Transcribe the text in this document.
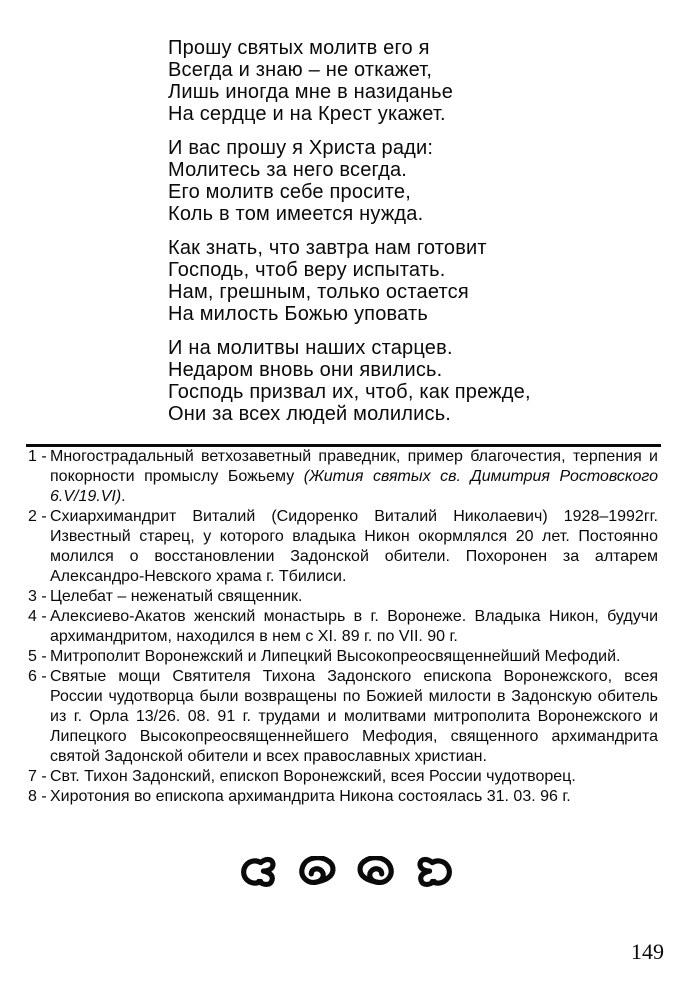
Прошу святых молитв его я
Всегда и знаю – не откажет,
Лишь иногда мне в назиданье
На сердце и на Крест укажет.
И вас прошу я Христа ради:
Молитесь за него всегда.
Его молитв себе просите,
Коль в том имеется нужда.
Как знать, что завтра нам готовит
Господь, чтоб веру испытать.
Нам, грешным, только остается
На милость Божью уповать
И на молитвы наших старцев.
Недаром вновь они явились.
Господь призвал их, чтоб, как прежде,
Они за всех людей молились.
1 - Многострадальный ветхозаветный праведник, пример благочестия, терпения и покорности промыслу Божьему (Жития святых св. Димитрия Ростовского 6.V/19.VI).
2 - Схиархимандрит Виталий (Сидоренко Виталий Николаевич) 1928–1992гг. Известный старец, у которого владыка Никон окормлялся 20 лет. Постоянно молился о восстановлении Задонской обители. Похоронен за алтарем Александро-Невского храма г. Тбилиси.
3 - Целебат – неженатый священник.
4 - Алексиево-Акатов женский монастырь в г. Воронеже. Владыка Никон, будучи архимандритом, находился в нем с XI. 89 г. по VII. 90 г.
5 - Митрополит Воронежский и Липецкий Высокопреосвященнейший Мефодий.
6 - Святые мощи Святителя Тихона Задонского епископа Воронежского, всея России чудотворца были возвращены по Божией милости в Задонскую обитель из г. Орла 13/26. 08. 91 г. трудами и молитвами митрополита Воронежского и Липецкого Высокопреосвященнейшего Мефодия, священного архимандрита святой Задонской обители и всех православных христиан.
7 - Свт. Тихон Задонский, епископ Воронежский, всея России чудотворец.
8 - Хиротония во епископа архимандрита Никона состоялась 31. 03. 96 г.
149
